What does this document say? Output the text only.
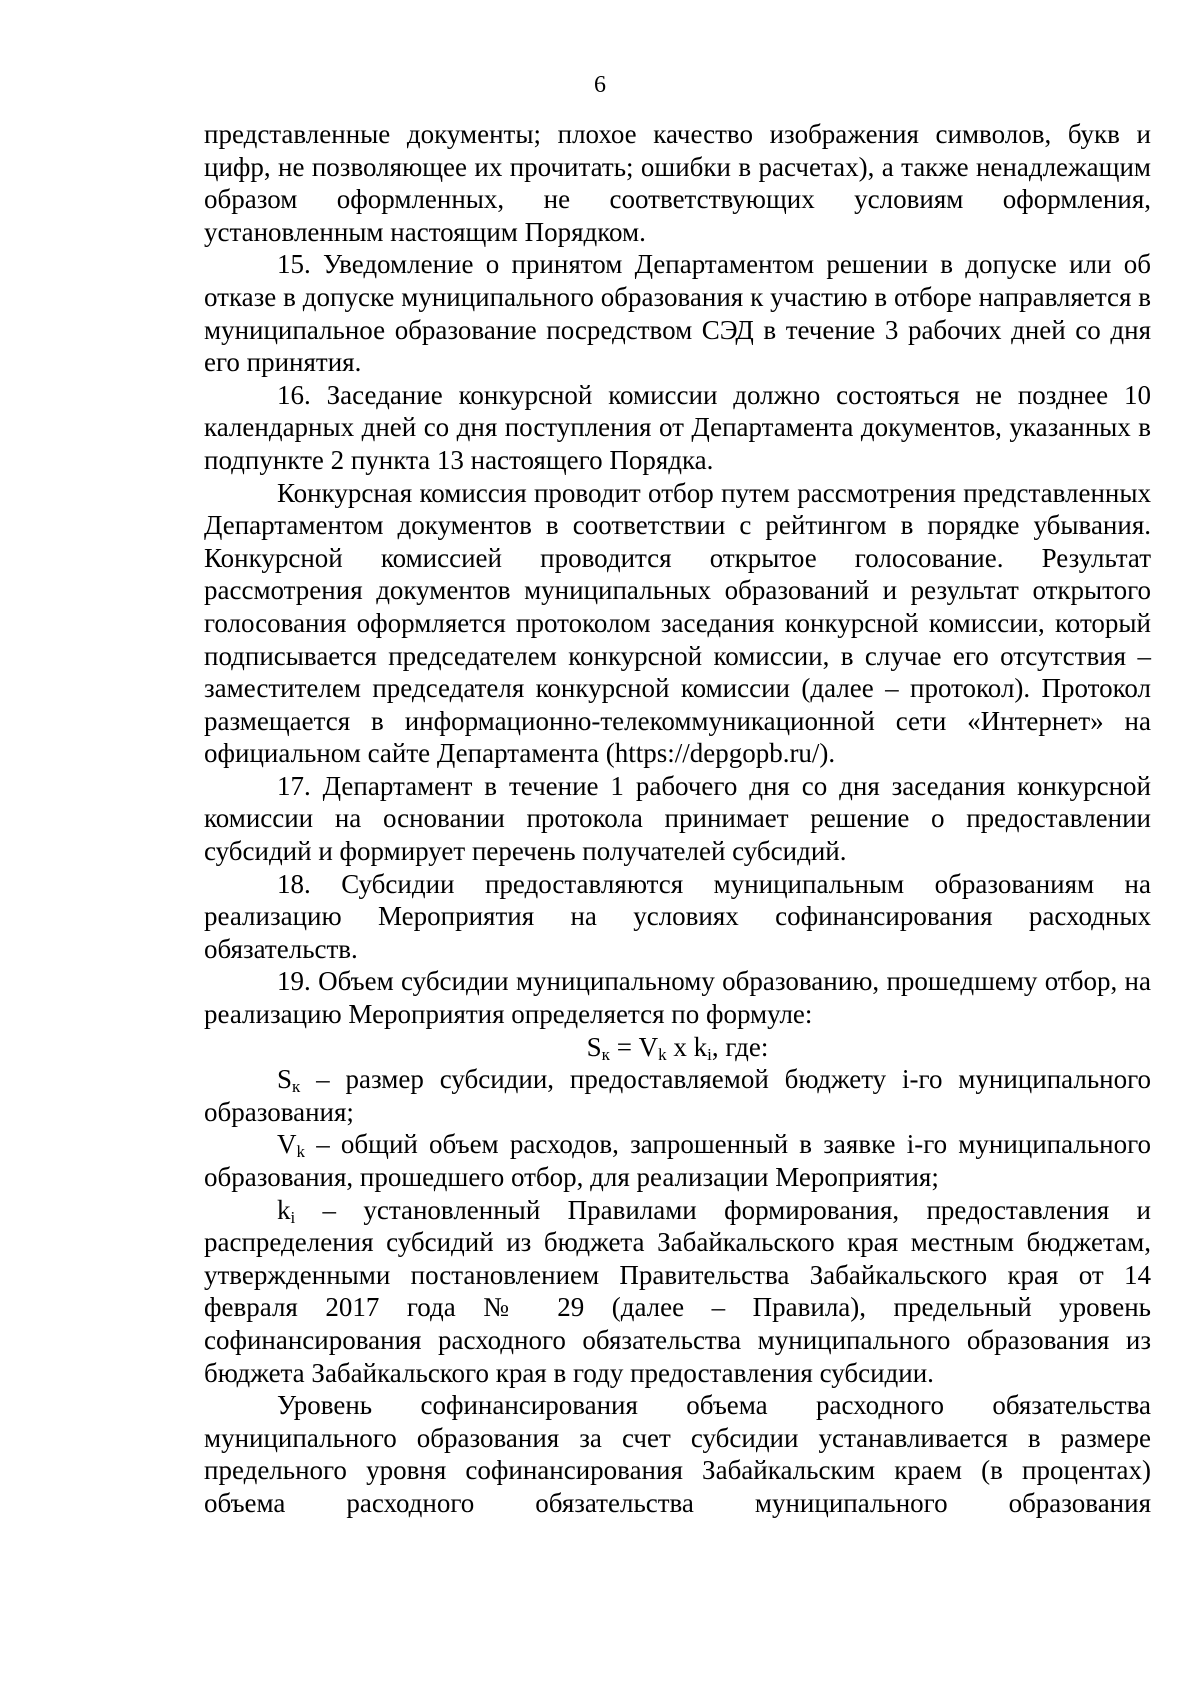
6

представленные документы; плохое качество изображения символов, букв и цифр, не позволяющее их прочитать; ошибки в расчетах), а также ненадлежащим образом оформленных, не соответствующих условиям оформления, установленным настоящим Порядком.

15. Уведомление о принятом Департаментом решении в допуске или об отказе в допуске муниципального образования к участию в отборе направляется в муниципальное образование посредством СЭД в течение 3 рабочих дней со дня его принятия.

16. Заседание конкурсной комиссии должно состояться не позднее 10 календарных дней со дня поступления от Департамента документов, указанных в подпункте 2 пункта 13 настоящего Порядка.

Конкурсная комиссия проводит отбор путем рассмотрения представленных Департаментом документов в соответствии с рейтингом в порядке убывания. Конкурсной комиссией проводится открытое голосование. Результат рассмотрения документов муниципальных образований и результат открытого голосования оформляется протоколом заседания конкурсной комиссии, который подписывается председателем конкурсной комиссии, в случае его отсутствия – заместителем председателя конкурсной комиссии (далее – протокол). Протокол размещается в информационно-телекоммуникационной сети «Интернет» на официальном сайте Департамента (https://depgopb.ru/).

17. Департамент в течение 1 рабочего дня со дня заседания конкурсной комиссии на основании протокола принимает решение о предоставлении субсидий и формирует перечень получателей субсидий.

18. Субсидии предоставляются муниципальным образованиям на реализацию Мероприятия на условиях софинансирования расходных обязательств.

19. Объем субсидии муниципальному образованию, прошедшему отбор, на реализацию Мероприятия определяется по формуле:

$S_к = V_k$ x $k_i$, где:

$S_к$ – размер субсидии, предоставляемой бюджету i-го муниципального образования;

$V_k$ – общий объем расходов, запрошенный в заявке i-го муниципального образования, прошедшего отбор, для реализации Мероприятия;

$k_i$ – установленный Правилами формирования, предоставления и распределения субсидий из бюджета Забайкальского края местным бюджетам, утвержденными постановлением Правительства Забайкальского края от 14 февраля 2017 года № 29 (далее – Правила), предельный уровень софинансирования расходного обязательства муниципального образования из бюджета Забайкальского края в году предоставления субсидии.

Уровень софинансирования объема расходного обязательства муниципального образования за счет субсидии устанавливается в размере предельного уровня софинансирования Забайкальским краем (в процентах) объема расходного обязательства муниципального образования
